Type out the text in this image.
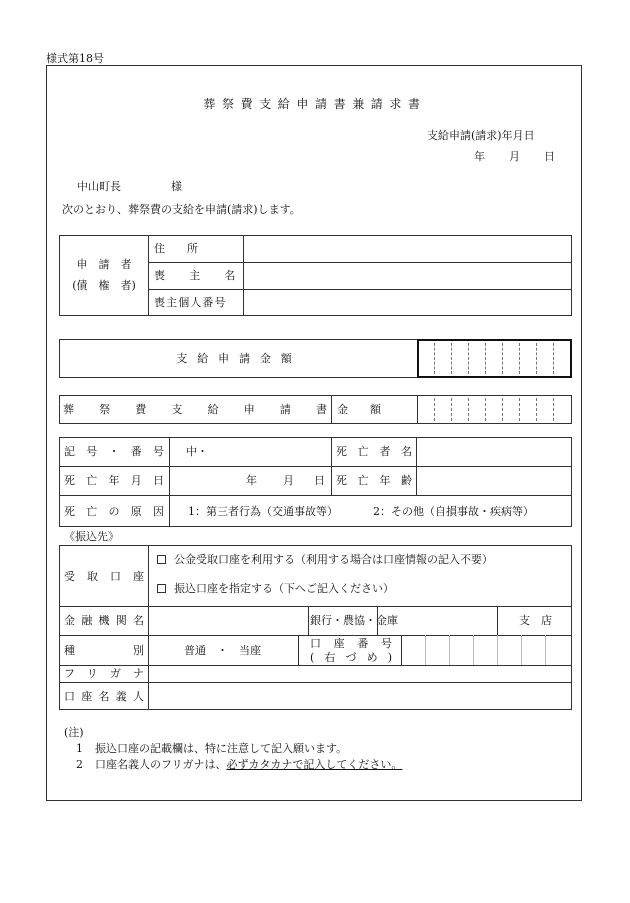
様式第18号
葬祭費支給申請書兼請求書
支給申請(請求)年月日
年 月 日
中山町長	様
次のとおり、葬祭費の支給を申請(請求)します。
申　請　者
(債　権　者)
住　　所
喪　主　名
喪主個人番号
支給申請金額
葬祭費支給申請書 金　　額
記号・番号 中・	死亡者名
死亡年月日	年 月 日 死亡年齢
死亡の原因 1：第三者行為（交通事故等）	2：その他（自損事故・疾病等）
《振込先》
受取口座
公金受取口座を利用する（利用する場合は口座情報の記入不要）
振込口座を指定する（下へご記入ください）
金融機関名	銀行・農協・金庫	支　店
種　　別	普通　・　当座
口座番号
(右づめ)
フリガナ
口座名義人
(注)
1 振込口座の記載欄は、特に注意して記入願います。
2 口座名義人のフリガナは、必ずカタカナで記入してください。
